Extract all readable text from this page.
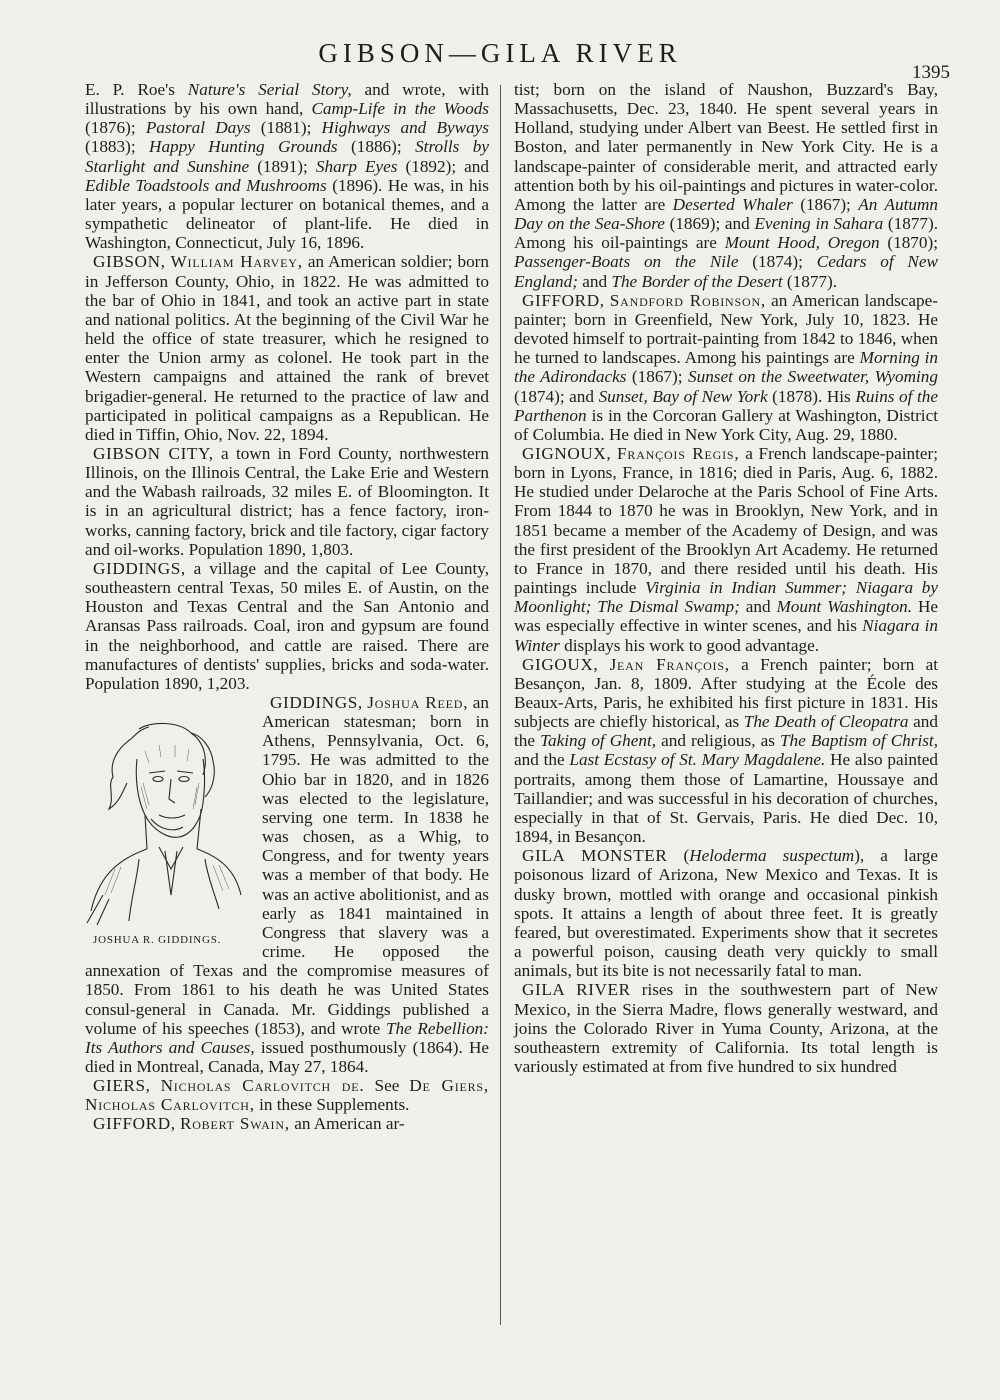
GIBSON—GILA RIVER
1395

E. P. Roe's Nature's Serial Story, and wrote, with illustrations by his own hand, Camp-Life in the Woods (1876); Pastoral Days (1881); Highways and Byways (1883); Happy Hunting Grounds (1886); Strolls by Starlight and Sunshine (1891); Sharp Eyes (1892); and Edible Toadstools and Mushrooms (1896). He was, in his later years, a popular lecturer on botanical themes, and a sympathetic delineator of plant-life. He died in Washington, Connecticut, July 16, 1896.

GIBSON, William Harvey, an American soldier; born in Jefferson County, Ohio, in 1822. He was admitted to the bar of Ohio in 1841, and took an active part in state and national politics. At the beginning of the Civil War he held the office of state treasurer, which he resigned to enter the Union army as colonel. He took part in the Western campaigns and attained the rank of brevet brigadier-general. He returned to the practice of law and participated in political campaigns as a Republican. He died in Tiffin, Ohio, Nov. 22, 1894.

GIBSON CITY, a town in Ford County, northwestern Illinois, on the Illinois Central, the Lake Erie and Western and the Wabash railroads, 32 miles E. of Bloomington. It is in an agricultural district; has a fence factory, iron-works, canning factory, brick and tile factory, cigar factory and oil-works. Population 1890, 1,803.

GIDDINGS, a village and the capital of Lee County, southeastern central Texas, 50 miles E. of Austin, on the Houston and Texas Central and the San Antonio and Aransas Pass railroads. Coal, iron and gypsum are found in the neighborhood, and cattle are raised. There are manufactures of dentists' supplies, bricks and soda-water. Population 1890, 1,203.

GIDDINGS, Joshua Reed,
JOSHUA R. GIDDINGS.
an American statesman; born in Athens, Pennsylvania, Oct. 6, 1795. He was admitted to the Ohio bar in 1820, and in 1826 was elected to the legislature, serving one term. In 1838 he was chosen, as a Whig, to Congress, and for twenty years was a member of that body. He was an active abolitionist, and as early as 1841 maintained in Congress that slavery was a crime. He opposed the annexation of Texas and the compromise measures of 1850. From 1861 to his death he was United States consul-general in Canada. Mr. Giddings published a volume of his speeches (1853), and wrote The Rebellion: Its Authors and Causes, issued posthumously (1864). He died in Montreal, Canada, May 27, 1864.

GIERS, Nicholas Carlovitch de. See De Giers, Nicholas Carlovitch, in these Supplements.

GIFFORD, Robert Swain, an American ar-

tist; born on the island of Naushon, Buzzard's Bay, Massachusetts, Dec. 23, 1840. He spent several years in Holland, studying under Albert van Beest. He settled first in Boston, and later permanently in New York City. He is a landscape-painter of considerable merit, and attracted early attention both by his oil-paintings and pictures in water-color. Among the latter are Deserted Whaler (1867); An Autumn Day on the Sea-Shore (1869); and Evening in Sahara (1877). Among his oil-paintings are Mount Hood, Oregon (1870); Passenger-Boats on the Nile (1874); Cedars of New England; and The Border of the Desert (1877).

GIFFORD, Sandford Robinson, an American landscape-painter; born in Greenfield, New York, July 10, 1823. He devoted himself to portrait-painting from 1842 to 1846, when he turned to landscapes. Among his paintings are Morning in the Adirondacks (1867); Sunset on the Sweetwater, Wyoming (1874); and Sunset, Bay of New York (1878). His Ruins of the Parthenon is in the Corcoran Gallery at Washington, District of Columbia. He died in New York City, Aug. 29, 1880.

GIGNOUX, François Regis, a French landscape-painter; born in Lyons, France, in 1816; died in Paris, Aug. 6, 1882. He studied under Delaroche at the Paris School of Fine Arts. From 1844 to 1870 he was in Brooklyn, New York, and in 1851 became a member of the Academy of Design, and was the first president of the Brooklyn Art Academy. He returned to France in 1870, and there resided until his death. His paintings include Virginia in Indian Summer; Niagara by Moonlight; The Dismal Swamp; and Mount Washington. He was especially effective in winter scenes, and his Niagara in Winter displays his work to good advantage.

GIGOUX, Jean François, a French painter; born at Besançon, Jan. 8, 1809. After studying at the École des Beaux-Arts, Paris, he exhibited his first picture in 1831. His subjects are chiefly historical, as The Death of Cleopatra and the Taking of Ghent, and religious, as The Baptism of Christ, and the Last Ecstasy of St. Mary Magdalene. He also painted portraits, among them those of Lamartine, Houssaye and Taillandier; and was successful in his decoration of churches, especially in that of St. Gervais, Paris. He died Dec. 10, 1894, in Besançon.

GILA MONSTER (Heloderma suspectum), a large poisonous lizard of Arizona, New Mexico and Texas. It is dusky brown, mottled with orange and occasional pinkish spots. It attains a length of about three feet. It is greatly feared, but overestimated. Experiments show that it secretes a powerful poison, causing death very quickly to small animals, but its bite is not necessarily fatal to man.

GILA RIVER rises in the southwestern part of New Mexico, in the Sierra Madre, flows generally westward, and joins the Colorado River in Yuma County, Arizona, at the southeastern extremity of California. Its total length is variously estimated at from five hundred to six hundred
